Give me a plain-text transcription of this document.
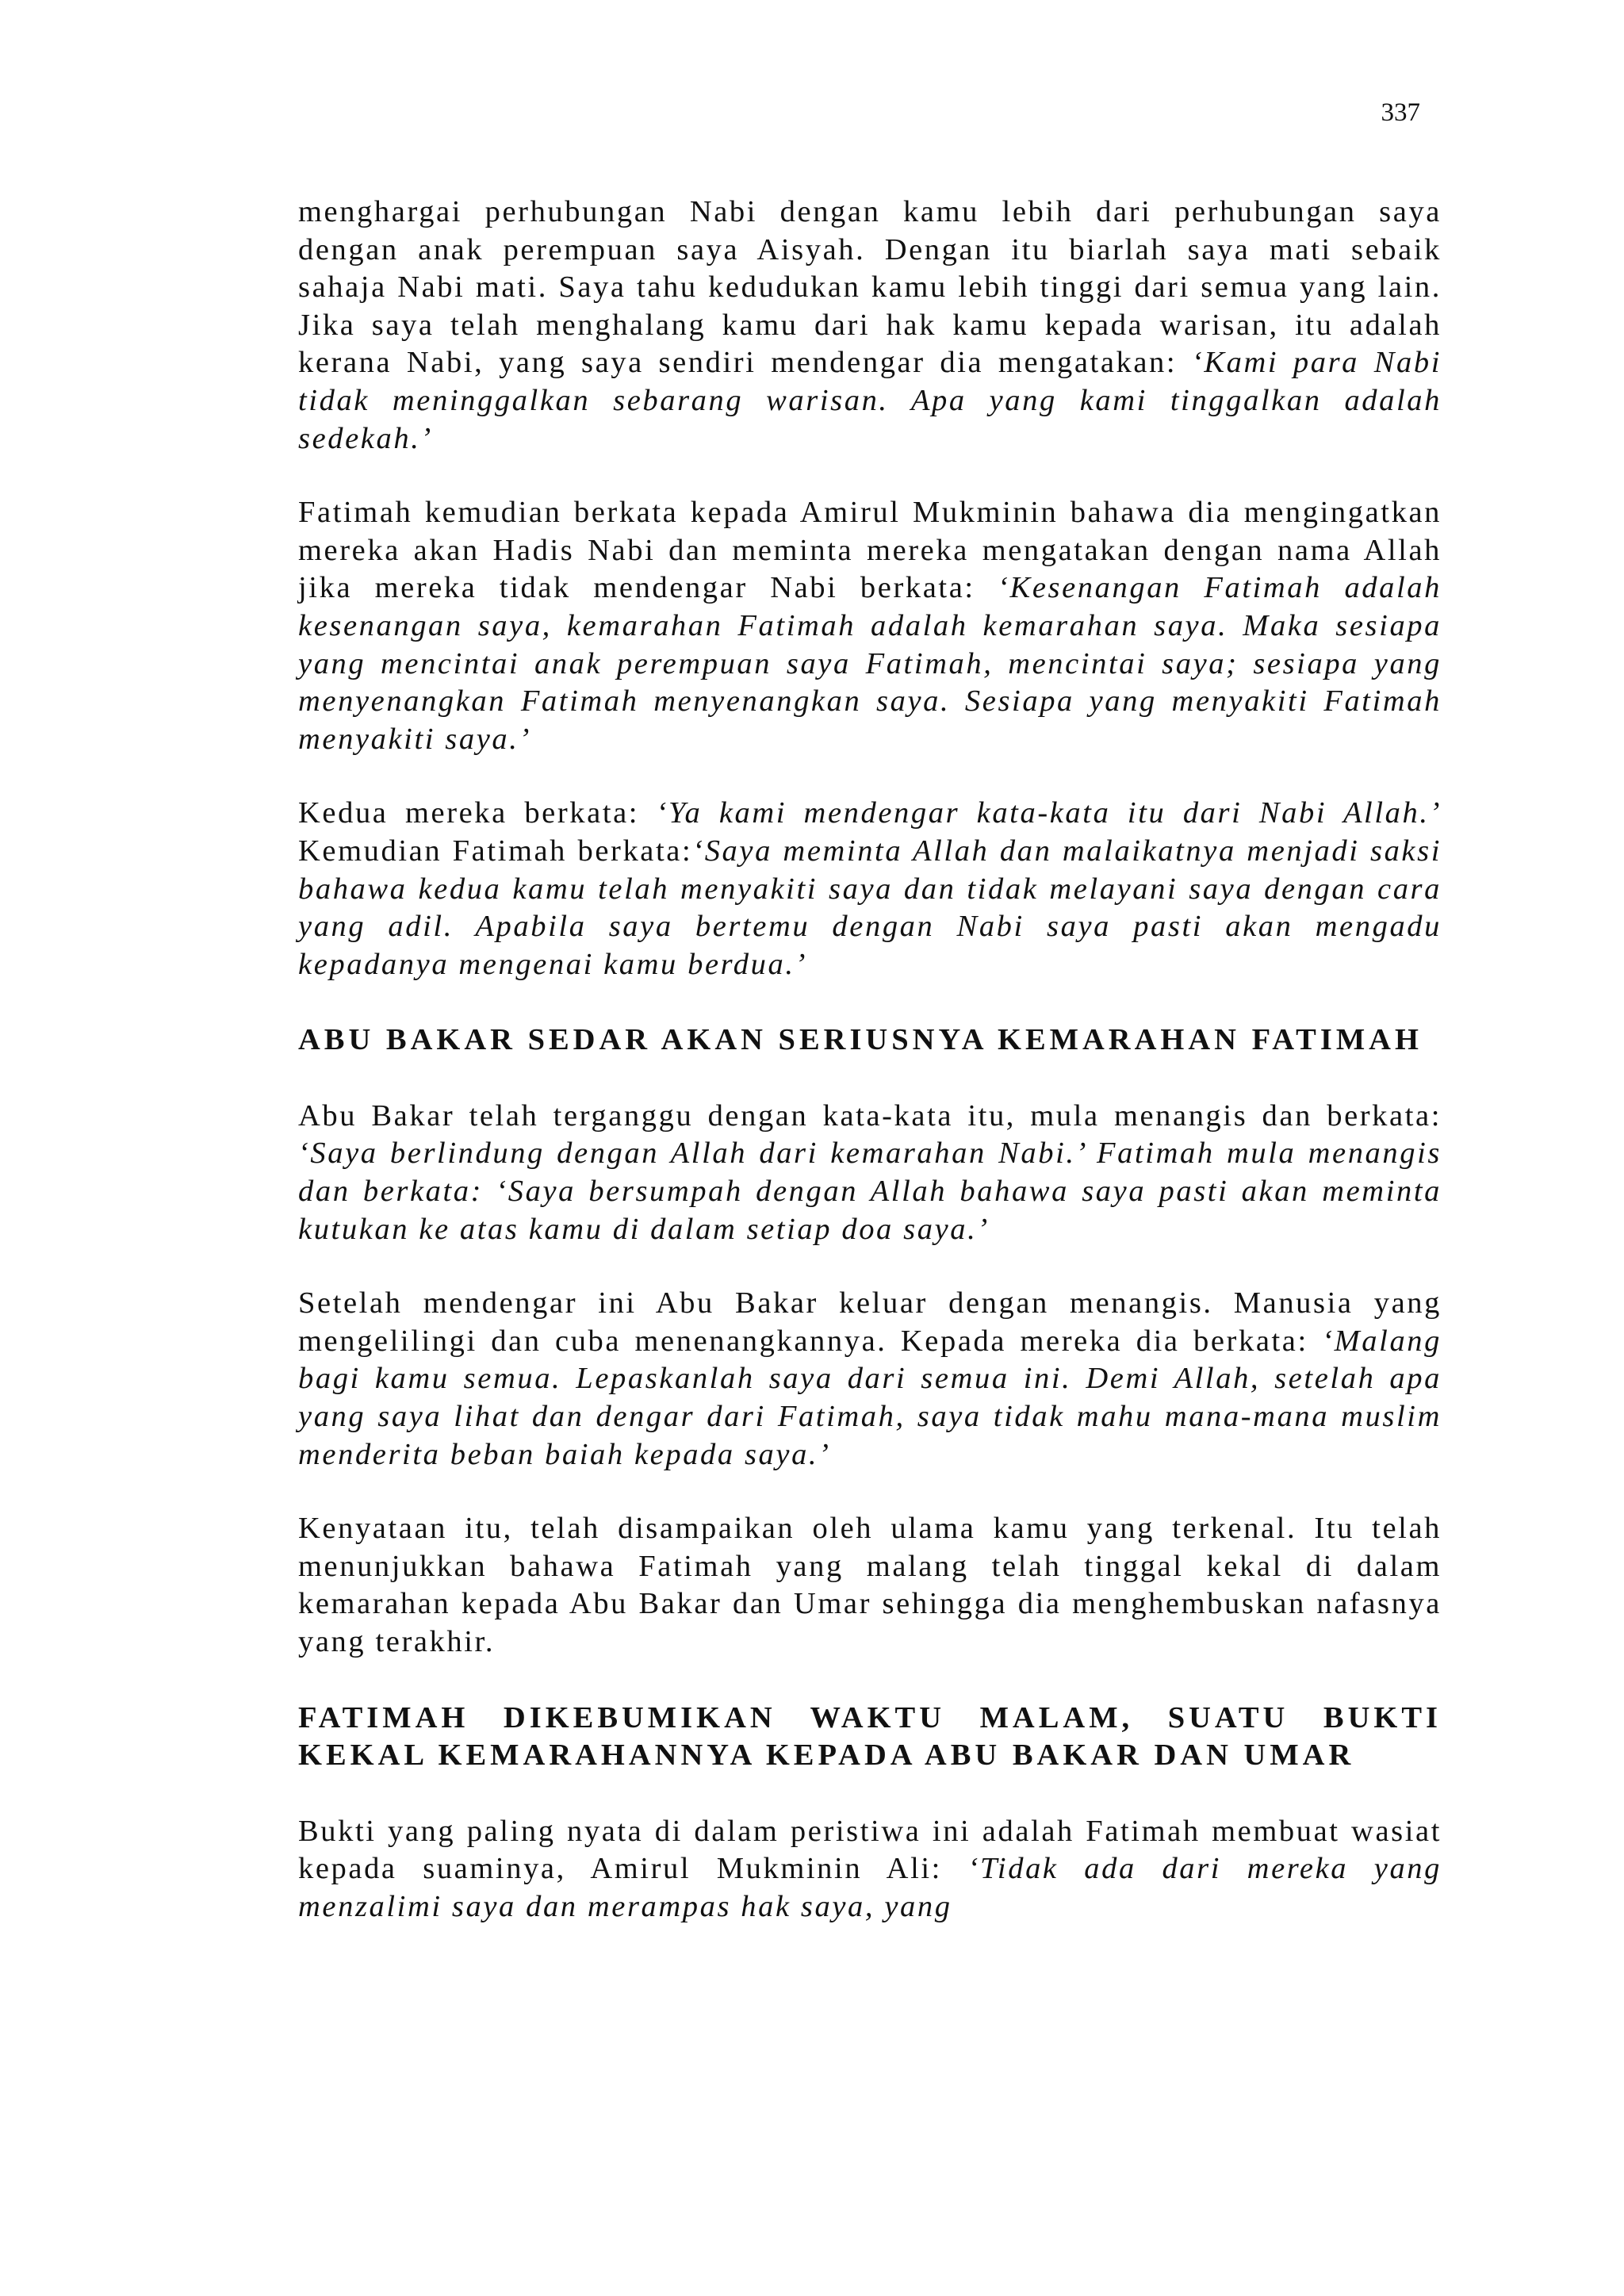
337

menghargai perhubungan Nabi dengan kamu lebih dari perhubungan saya dengan anak perempuan saya Aisyah. Dengan itu biarlah saya mati sebaik sahaja Nabi mati. Saya tahu kedudukan kamu lebih tinggi dari semua yang lain. Jika saya telah menghalang kamu dari hak kamu kepada warisan, itu adalah kerana Nabi, yang saya sendiri mendengar dia mengatakan: ‘Kami para Nabi tidak meninggalkan sebarang warisan. Apa yang kami tinggalkan adalah sedekah.’

Fatimah kemudian berkata kepada Amirul Mukminin bahawa dia mengingatkan mereka akan Hadis Nabi dan meminta mereka mengatakan dengan nama Allah jika mereka tidak mendengar Nabi berkata: ‘Kesenangan Fatimah adalah kesenangan saya, kemarahan Fatimah adalah kemarahan saya. Maka sesiapa yang mencintai anak perempuan saya Fatimah, mencintai saya; sesiapa yang menyenangkan Fatimah menyenangkan saya. Sesiapa yang menyakiti Fatimah menyakiti saya.’

Kedua mereka berkata: ‘Ya kami mendengar kata-kata itu dari Nabi Allah.’ Kemudian Fatimah berkata:‘Saya meminta Allah dan malaikatnya menjadi saksi bahawa kedua kamu telah menyakiti saya dan tidak melayani saya dengan cara yang adil. Apabila saya bertemu dengan Nabi saya pasti akan mengadu kepadanya mengenai kamu berdua.’

ABU BAKAR SEDAR AKAN SERIUSNYA KEMARAHAN FATIMAH

Abu Bakar telah terganggu dengan kata-kata itu, mula menangis dan berkata: ‘Saya berlindung dengan Allah dari kemarahan Nabi.’ Fatimah mula menangis dan berkata: ‘Saya bersumpah dengan Allah bahawa saya pasti akan meminta kutukan ke atas kamu di dalam setiap doa saya.’

Setelah mendengar ini Abu Bakar keluar dengan menangis. Manusia yang mengelilingi dan cuba menenangkannya. Kepada mereka dia berkata: ‘Malang bagi kamu semua. Lepaskanlah saya dari semua ini. Demi Allah, setelah apa yang saya lihat dan dengar dari Fatimah, saya tidak mahu mana-mana muslim menderita beban baiah kepada saya.’

Kenyataan itu, telah disampaikan oleh ulama kamu yang terkenal. Itu telah menunjukkan bahawa Fatimah yang malang telah tinggal kekal di dalam kemarahan kepada Abu Bakar dan Umar sehingga dia menghembuskan nafasnya yang terakhir.

FATIMAH DIKEBUMIKAN WAKTU MALAM, SUATU BUKTI KEKAL KEMARAHANNYA KEPADA ABU BAKAR DAN UMAR

Bukti yang paling nyata di dalam peristiwa ini adalah Fatimah membuat wasiat kepada suaminya, Amirul Mukminin Ali: ‘Tidak ada dari mereka yang menzalimi saya dan merampas hak saya, yang
